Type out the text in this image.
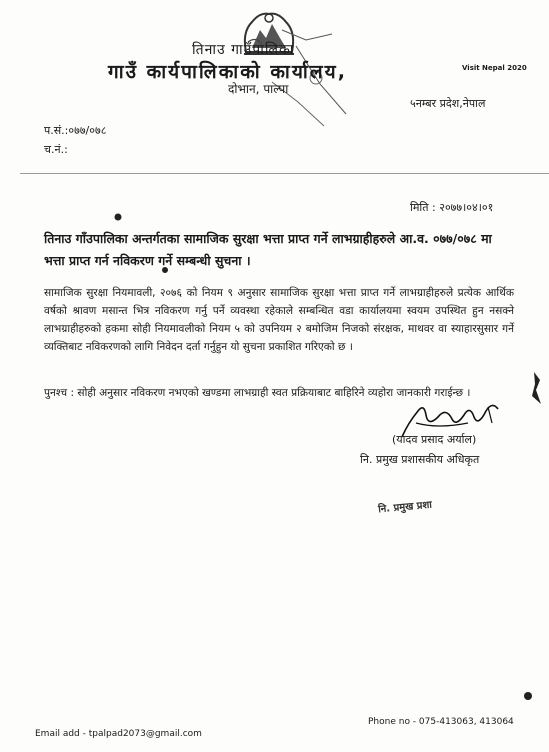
तिनाउ गाउँपालिका
गाउँ कार्यपालिकाको कार्यालय,
दोभान, पाल्पा
Visit Nepal 2020
५नम्बर प्रदेश,नेपाल
प.सं.:०७७/०७८
च.नं.:
मिति : २०७७।०४।०१
तिनाउ गाँउपालिका अन्तर्गतका सामाजिक सुरक्षा भत्ता प्राप्त गर्ने लाभग्राहीहरुले आ.व. ०७७/०७८ मा भत्ता प्राप्त गर्न नविकरण गर्ने सम्बन्धी सुचना ।
सामाजिक सुरक्षा नियमावली, २०७६ को नियम ९ अनुसार सामाजिक सुरक्षा भत्ता प्राप्त गर्ने लाभग्राहीहरुले प्रत्येक आर्थिक वर्षको श्रावण मसान्त भित्र नविकरण गर्नु पर्ने व्यवस्था रहेकाले सम्बन्धित वडा कार्यालयमा स्वयम उपस्थित हुन नसक्ने लाभग्राहीहरुको हकमा सोही नियमावलीको नियम ५ को उपनियम २ बमोजिम निजको संरक्षक, माथवर वा स्याहारसुसार गर्ने व्यक्तिबाट नविकरणको लागि निवेदन दर्ता गर्नुहुन यो सुचना प्रकाशित गरिएको छ ।
पुनश्च : सोही अनुसार नविकरण नभएको खण्डमा लाभग्राही स्वत प्रक्रियाबाट बाहिरिने व्यहोरा जानकारी गराईन्छ ।
(यादव प्रसाद अर्याल)
नि. प्रमुख प्रशासकीय अधिकृत
नि. प्रमुख प्रशा
Email add - tpalpad2073@gmail.com
Phone no - 075-413063, 413064
